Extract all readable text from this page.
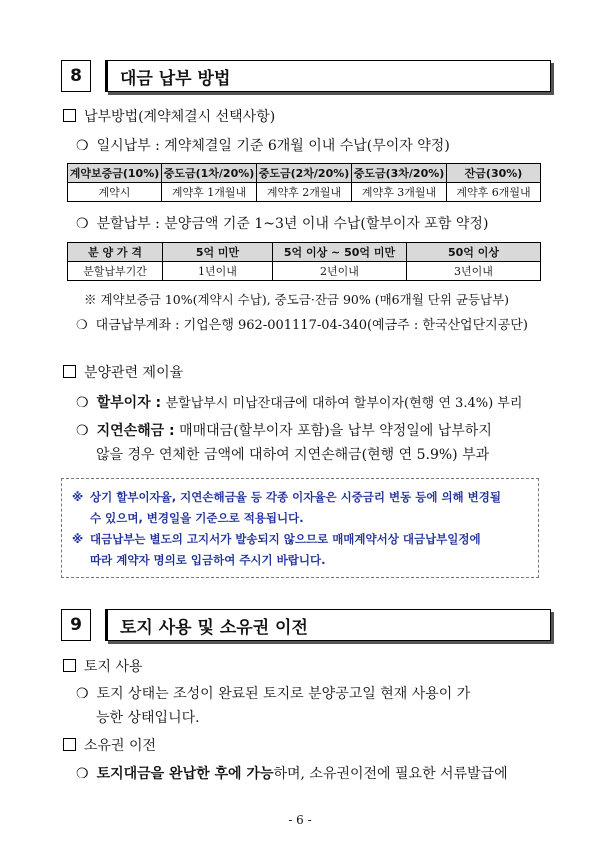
8	대금 납부 방법
납부방법(계약체결시 선택사항)
❍ 일시납부 : 계약체결일 기준 6개월 이내 수납(무이자 약정)
계약보증금(10%)	중도금(1차/20%)	중도금(2차/20%)	중도금(3차/20%)	잔금(30%)
계약시	계약후 1개월내	계약후 2개월내	계약후 3개월내	계약후 6개월내
❍ 분할납부 : 분양금액 기준 1~3년 이내 수납(할부이자 포함 약정)
분 양 가 격	5억 미만	5억 이상 ~ 50억 미만	50억 이상
분할납부기간	1년이내	2년이내	3년이내
※ 계약보증금 10%(계약시 수납), 중도금·잔금 90% (매6개월 단위 균등납부)
❍ 대금납부계좌 : 기업은행 962-001117-04-340(예금주 : 한국산업단지공단)
분양관련 제이율
❍ 할부이자 : 분할납부시 미납잔대금에 대하여 할부이자(현행 연 3.4%) 부리
❍ 지연손해금 : 매매대금(할부이자 포함)을 납부 약정일에 납부하지
않을 경우 연체한 금액에 대하여 지연손해금(현행 연 5.9%) 부과
※ 상기 할부이자율, 지연손해금율 등 각종 이자율은 시중금리 변동 등에 의해 변경될
수 있으며, 변경일을 기준으로 적용됩니다.
※ 대금납부는 별도의 고지서가 발송되지 않으므로 매매계약서상 대금납부일정에
따라 계약자 명의로 입금하여 주시기 바랍니다.
9	토지 사용 및 소유권 이전
토지 사용
❍ 토지 상태는 조성이 완료된 토지로 분양공고일 현재 사용이 가
능한 상태입니다.
소유권 이전
❍ 토지대금을 완납한 후에 가능하며, 소유권이전에 필요한 서류발급에
- 6 -
